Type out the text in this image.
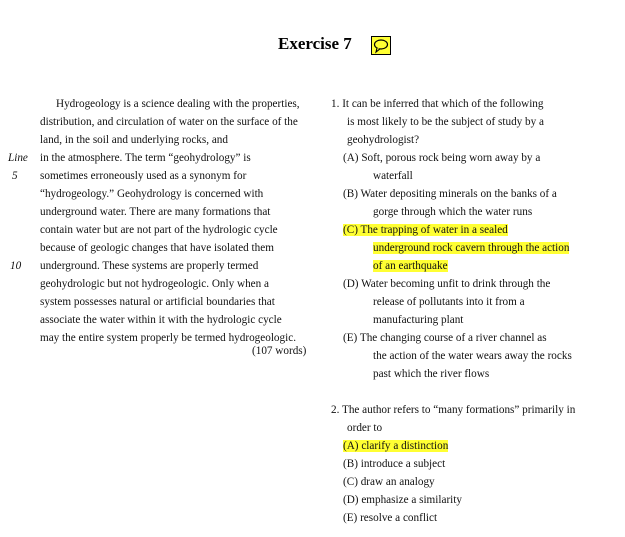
Exercise 7
Hydrogeology is a science dealing with the properties,
distribution, and circulation of water on the surface of the
land, in the soil and underlying rocks, and
Line in the atmosphere. The term “geohydrology” is
5 sometimes erroneously used as a synonym for
“hydrogeology.” Geohydrology is concerned with
underground water. There are many formations that
contain water but are not part of the hydrologic cycle
because of geologic changes that have isolated them
10 underground. These systems are properly termed
geohydrologic but not hydrogeologic. Only when a
system possesses natural or artificial boundaries that
associate the water within it with the hydrologic cycle
may the entire system properly be termed hydrogeologic.
(107 words)
1. It can be inferred that which of the following
is most likely to be the subject of study by a
geohydrologist?
(A) Soft, porous rock being worn away by a
waterfall
(B) Water depositing minerals on the banks of a
gorge through which the water runs
(C) The trapping of water in a sealed
underground rock cavern through the action
of an earthquake
(D) Water becoming unfit to drink through the
release of pollutants into it from a
manufacturing plant
(E) The changing course of a river channel as
the action of the water wears away the rocks
past which the river flows
2. The author refers to “many formations” primarily in
order to
(A) clarify a distinction
(B) introduce a subject
(C) draw an analogy
(D) emphasize a similarity
(E) resolve a conflict
